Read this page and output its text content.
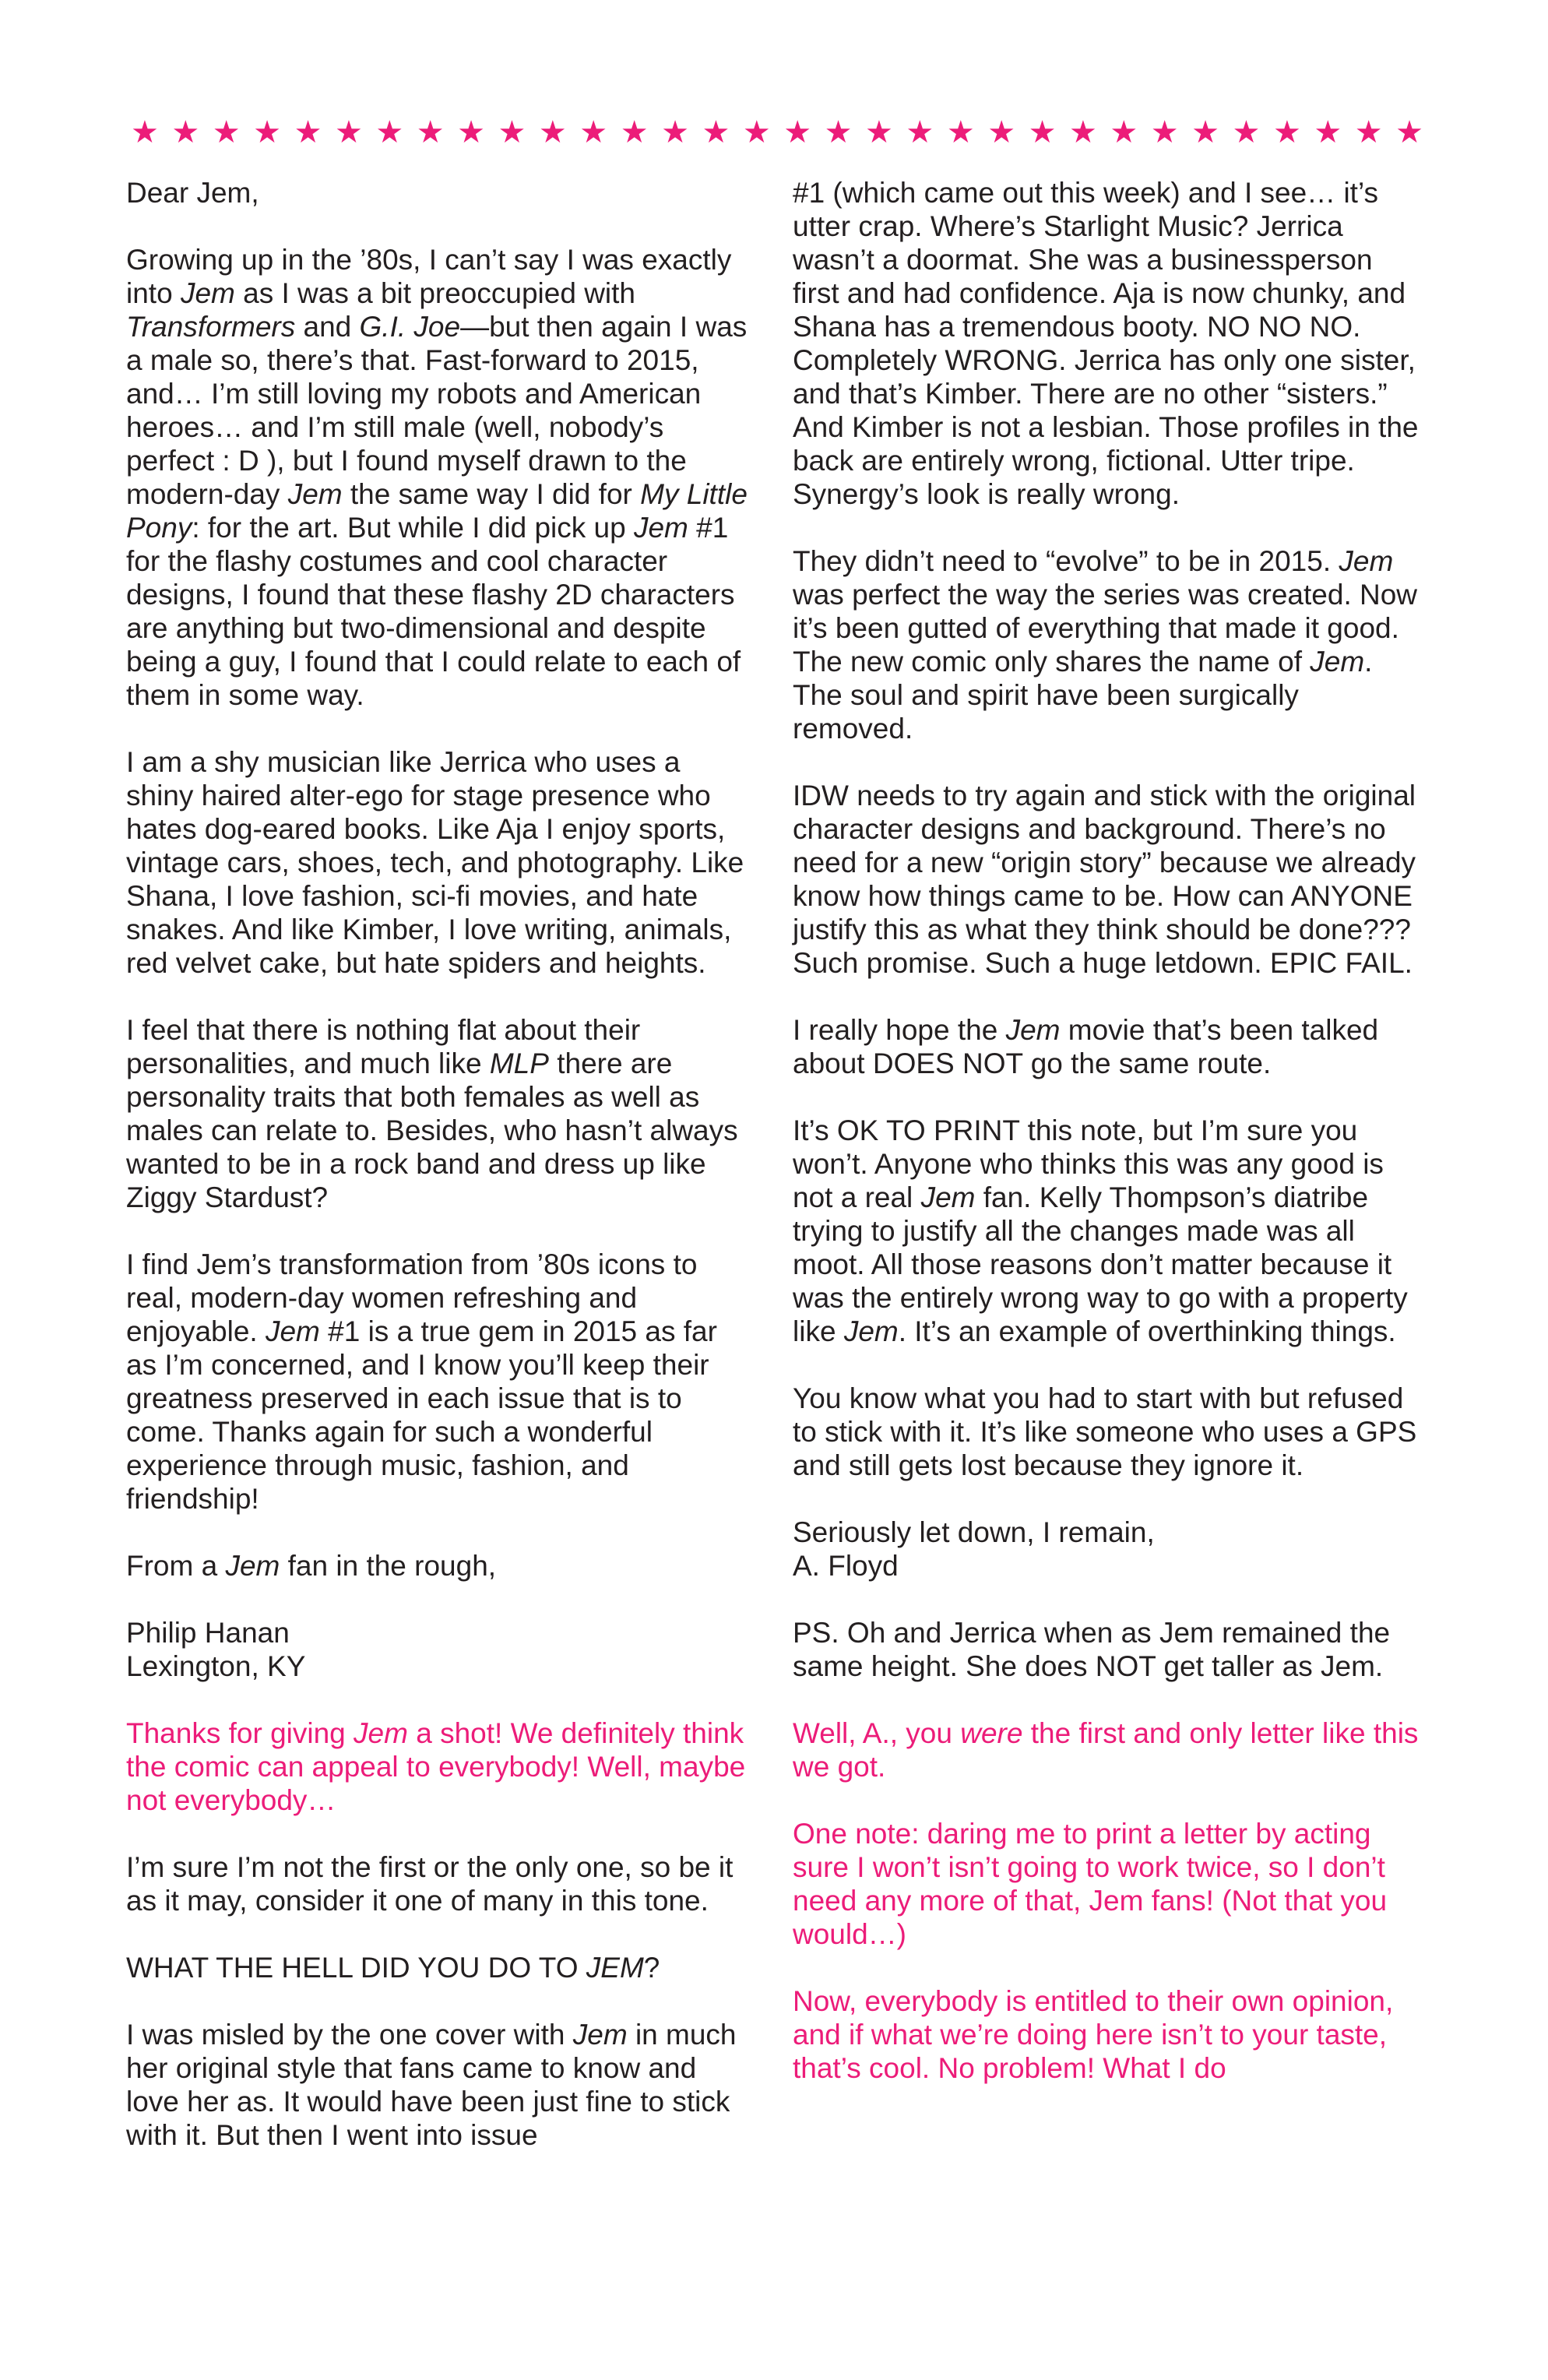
★ ★ ★ ★ ★ ★ ★ ★ ★ ★ ★ ★ ★ ★ ★ ★ ★ ★ ★ ★ ★ ★ ★ ★ ★ ★ ★ ★ ★ ★ ★ ★

Dear Jem,

Growing up in the ’80s, I can’t say I was exactly into Jem as I was a bit preoccupied with Transformers and G.I. Joe—but then again I was a male so, there’s that. Fast-forward to 2015, and… I’m still loving my robots and American heroes… and I’m still male (well, nobody’s perfect : D ), but I found myself drawn to the modern-day Jem the same way I did for My Little Pony: for the art. But while I did pick up Jem #1 for the flashy costumes and cool character designs, I found that these flashy 2D characters are anything but two-dimensional and despite being a guy, I found that I could relate to each of them in some way.

I am a shy musician like Jerrica who uses a shiny haired alter-ego for stage presence who hates dog-eared books. Like Aja I enjoy sports, vintage cars, shoes, tech, and photography. Like Shana, I love fashion, sci-fi movies, and hate snakes. And like Kimber, I love writing, animals, red velvet cake, but hate spiders and heights.

I feel that there is nothing flat about their personalities, and much like MLP there are personality traits that both females as well as males can relate to. Besides, who hasn’t always wanted to be in a rock band and dress up like Ziggy Stardust?

I find Jem’s transformation from ’80s icons to real, modern-day women refreshing and enjoyable. Jem #1 is a true gem in 2015 as far as I’m concerned, and I know you’ll keep their greatness preserved in each issue that is to come. Thanks again for such a wonderful experience through music, fashion, and friendship!

From a Jem fan in the rough,

Philip Hanan
Lexington, KY

Thanks for giving Jem a shot! We definitely think the comic can appeal to everybody! Well, maybe not everybody…

I’m sure I’m not the first or the only one, so be it as it may, consider it one of many in this tone.

WHAT THE HELL DID YOU DO TO JEM?

I was misled by the one cover with Jem in much her original style that fans came to know and love her as. It would have been just fine to stick with it. But then I went into issue

#1 (which came out this week) and I see… it’s utter crap. Where’s Starlight Music? Jerrica wasn’t a doormat. She was a businessperson first and had confidence. Aja is now chunky, and Shana has a tremendous booty. NO NO NO. Completely WRONG. Jerrica has only one sister, and that’s Kimber. There are no other “sisters.” And Kimber is not a lesbian. Those profiles in the back are entirely wrong, fictional. Utter tripe. Synergy’s look is really wrong.

They didn’t need to “evolve” to be in 2015. Jem was perfect the way the series was created. Now it’s been gutted of everything that made it good. The new comic only shares the name of Jem. The soul and spirit have been surgically removed.

IDW needs to try again and stick with the original character designs and background. There’s no need for a new “origin story” because we already know how things came to be. How can ANYONE justify this as what they think should be done??? Such promise. Such a huge letdown. EPIC FAIL.

I really hope the Jem movie that’s been talked about DOES NOT go the same route.

It’s OK TO PRINT this note, but I’m sure you won’t. Anyone who thinks this was any good is not a real Jem fan. Kelly Thompson’s diatribe trying to justify all the changes made was all moot. All those reasons don’t matter because it was the entirely wrong way to go with a property like Jem. It’s an example of overthinking things.

You know what you had to start with but refused to stick with it. It’s like someone who uses a GPS and still gets lost because they ignore it.

Seriously let down, I remain,
A. Floyd

PS. Oh and Jerrica when as Jem remained the same height. She does NOT get taller as Jem.

Well, A., you were the first and only letter like this we got.

One note: daring me to print a letter by acting sure I won’t isn’t going to work twice, so I don’t need any more of that, Jem fans! (Not that you would…)

Now, everybody is entitled to their own opinion, and if what we’re doing here isn’t to your taste, that’s cool. No problem! What I do
